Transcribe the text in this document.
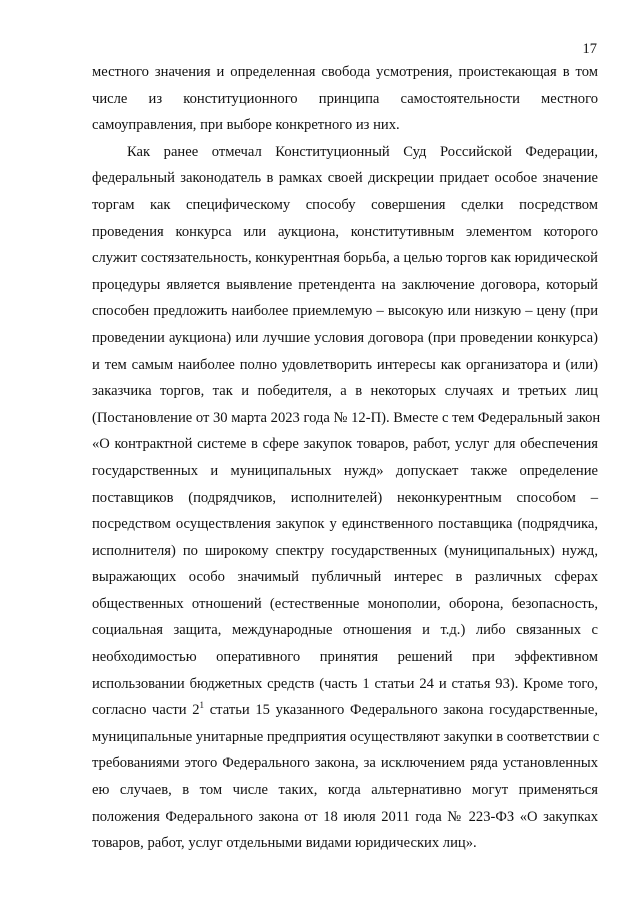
17
местного значения и определенная свобода усмотрения, проистекающая в том
числе из конституционного принципа самостоятельности местного
самоуправления, при выборе конкретного из них.
Как ранее отмечал Конституционный Суд Российской Федерации,
федеральный законодатель в рамках своей дискреции придает особое значение
торгам как специфическому способу совершения сделки посредством
проведения конкурса или аукциона, конститутивным элементом которого
служит состязательность, конкурентная борьба, а целью торгов как юридической
процедуры является выявление претендента на заключение договора, который
способен предложить наиболее приемлемую – высокую или низкую – цену (при
проведении аукциона) или лучшие условия договора (при проведении конкурса)
и тем самым наиболее полно удовлетворить интересы как организатора и (или)
заказчика торгов, так и победителя, а в некоторых случаях и третьих лиц
(Постановление от 30 марта 2023 года № 12-П). Вместе с тем Федеральный закон
«О контрактной системе в сфере закупок товаров, работ, услуг для обеспечения
государственных и муниципальных нужд» допускает также определение
поставщиков (подрядчиков, исполнителей) неконкурентным способом –
посредством осуществления закупок у единственного поставщика (подрядчика,
исполнителя) по широкому спектру государственных (муниципальных) нужд,
выражающих особо значимый публичный интерес в различных сферах
общественных отношений (естественные монополии, оборона, безопасность,
социальная защита, международные отношения и т.д.) либо связанных с
необходимостью оперативного принятия решений при эффективном
использовании бюджетных средств (часть 1 статьи 24 и статья 93). Кроме того,
согласно части $2^1$ статьи 15 указанного Федерального закона государственные,
муниципальные унитарные предприятия осуществляют закупки в соответствии с
требованиями этого Федерального закона, за исключением ряда установленных
ею случаев, в том числе таких, когда альтернативно могут применяться
положения Федерального закона от 18 июля 2011 года № 223-ФЗ «О закупках
товаров, работ, услуг отдельными видами юридических лиц».
